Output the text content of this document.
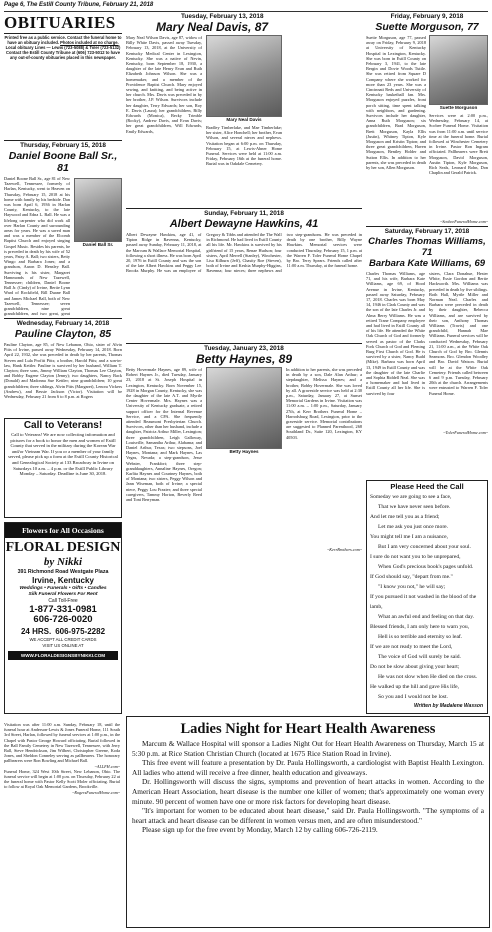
Page 6, The Estill County Tribune, February 21, 2018
OBITUARIES
Printed free as a public service. Contact the funeral home to have an obituary included. Photos included at no charge. Local obituary Lines — Lewis (723-5088) & Toler (723-5132) Contact the Estill County Tribune at (606) 723-5012 to have any out-of-county obituaries placed in this newspaper.
Thursday, February 15, 2018
Daniel Boone Ball Sr., 81
Daniel Ball Sr.
Daniel Boone Ball Sr., age 81 of New Tazewell, Tennessee, formerly of Harlan, Kentucky, went to Heaven on Thursday, February 15, 2018 at his home with family by his bedside. Dan was born April 6, 1936 in Harlan County, Kentucky, to the late Haywood and Edna L. Ball. He was a lifelong carpenter who did work all over Harlan County and surrounding areas for years. He was a saved man and was a member of the Elcomb Baptist Church and enjoyed singing Gospel Music. Besides his parents, he is preceded in death by his wife of 52 years, Patsy A. Ball; two sisters, Betty Wingo and Barbara Jones; and a grandson, Aaron D. Hensley Ball. Surviving is his sister, Margaret Hammonds of New Tazewell, Tennessee; children, Daniel Boone Ball Jr. (Cindy) of Irvine, Bertie Lynn Ward of Rockfield, Bill Duane Ball and James Michael Ball, both of New Tazewell, Tennessee; seven grandchildren, nine great grandchildren, and two great, great
Wednesday, February 14, 2018
Pauline Clayton, 85
Pauline Clayton, age 85, of New Lebanon, Ohio, sister of Alvin Pitts of Irvine, passed away Wednesday, February 14, 2018. Born April 22, 1932, she was preceded in death by her parents, Thomas Steven and Lula Profitt Pitts; a brother, Harold Pitts; and a son-in-law, Hank Kettler. Pauline is survived by her husband, William T. Clayton; three sons, Jimmy William Clayton, Thomas Lee Clayton, and Bobby Eugene Clayton (Jenny); two daughters, Nancy Back (Donald) and Madonna Sue Kettler; nine grandchildren; 10 great grandchildren; three siblings, Alvin Pitts (Margaret), Lenora Vickers (Andrew), and Bessie Jackson (Victor). Visitation will be Wednesday, February 21 from 6 to 8 p.m. at Rogers
Call to Veterans!
Call to Veterans! We are now collecting information and pictures for a book to honor the men and women of Estill County that served in the military during the Korean War and/or Vietnam War. If you or a member of your family served, please pick up a form at the Estill County Historical and Genealogical Society at 133 Broadway in Irvine on Saturdays 10 a.m. – 4 p.m. or the Estill Public Library Monday – Saturday. Deadline is June 30, 2018.
Flowers for All Occasions
FLORAL DESIGN
by Nikki
391 Richmond Road Westgate Plaza
Irvine, Kentucky
Weddings • Funerals • Gifts • Candles
Silk Funeral Flowers For Rent
Call Toll-Free
1-877-331-0981
606-726-0020
24 HRS. 606-975-2282
WE ACCEPT ALL CREDIT CARDS
VISIT US ONLINE AT
WWW.FLORALDESIGNSBYNIKKI.COM
Tuesday, February 13, 2018
Mary Neal Davis, 87
Mary Neal Wilson Davis, age 87, widow of Billy White Davis, passed away Tuesday, February 13, 2018, at the University of Kentucky Medical Center in Lexington, Kentucky. She was a native of Nevin, Kentucky, born September 18, 1930, a daughter of the late Henry Evan and Ruth Elizabeth Johnson Wilson. She was a homemaker, and a member of the Providence Baptist Church. Mary enjoyed sewing, and knitting, and being active in her church. Mrs. Davis was preceded in by her brother, J.P. Wilson. Survivors include her daughter, Terry Edwards; her son, Roy E. Davis (Laura); her grandchildren, Billy Edwards (Monica), Becky Trimble (Rocky), Andrew Davis, and Evan Davis; her great grandchildren, Will Edwards, Emily Edwards,
Mary Neal Davis
Bradley Timberlake, and Mae Timberlake; her sister, Alice Honchell; her brother, Evan Wilson, and several nieces and nephews. Visitation began at 6:00 p.m. on Thursday, February 15, at Lewis-Abner Home Funeral. Services were held at 11:00 a.m. Friday, February 16th at the funeral home. Burial was in Oakdale Cemetery.
Sunday, February 11, 2018
Albert Dewayne Hawkins, 41
Albert Dewayne Hawkins, age 41, of Tipton Ridge in Ravenna, Kentucky, passed away Sunday, February 11, 2018, at the Marcum & Wallace Memorial Hospital, following a short illness. He was born April 20, 1976 in Estill County and was the son of the late Albert Hawkins and Peggy Lee Brooks Murphy. He was an employee of Gregory & Tibbs and attended the The Wall in Richmond. He had lived in Estill County all his life. Mr. Hawkins is survived by his girlfriend of 15 years, Renae Hudson; four sisters, April Merrell (Stanley), Winchester, Lisa Kilburn (Jeff), Chasity Roe (Steven), both of Irvine and Keshia Murphy-Higgins, Ravenna; four nieces; three nephews and two step-grandsons. He was preceded in death by one brother, Billy Wayne Hawkins. Memorial services were conducted Thursday, February 15, 1 p.m. at the Warren F. Toler Funeral Home Chapel by Bro. Terry Spears. Friends called after 11:00 a.m. Thursday, at the funeral home.
Tuesday, January 23, 2018
Betty Haynes, 89
Betty Hovermale Haynes, age 89, wife of Robert Haynes Jr., died Tuesday, January 23, 2018 at St. Joseph Hospital in Lexington, Kentucky. Born November 15, 1928 in Morgan County, Kentucky, she was the daughter of the late A.T. and Myrtle Center Hovermale. Mrs. Haynes was a University of Kentucky graduate, a retired support officer for the Internal Revenue Service, and a CPA. She frequently attended Beaumont Presbyterian Church. Survivors, other than her husband, include a daughter, Patricia Arthur Miller, Lexington; three grandchildren, Leigh Galloway, Louisville, Samantha Arthur, Alabama; and Daniel Arthur, Texas; two stepsons, Joel Haynes, Montana; and Mark Haynes, Las Vegas, Nevada; a step-grandson, Jesse Webster, Frankfort; three step-granddaughters, Annaline Haynes, Oregon; Karlita Haynes and Courtney Haynes, both of Montana; two sisters, Peggy Wilson and Jann Wiseman, both of Irvine; a special niece, Peggy Lou Frazier; and three special caregivers, Tammy Horton, Beverly Reed and Toni Berryman.
Betty Haynes
In addition to her parents, she was preceded in death by a son, Dale Alan Arthur; a stepdaughter, Melissa Haynes; and a brother, Bobby Hovermale. She was loved by all. A graveside service was held at 2:30 p.m., Saturday, January 27, at Sunset Memorial Gardens in Irvine. Visitation was 11:00 a.m. – 1:00 p.m., Saturday, January 27th, at Kerr Brothers Funeral Home – Harrodsburg Road, Lexington, prior to the graveside service. Memorial contributions are suggested to Planned Parenthood, 268 Southland Dr., Suite 120, Lexington, KY 40503.
~KerrBrothers.com~
Friday, February 9, 2018
Suette Morguson, 77
Suette Morguson, age 77, passed away on Friday, February 9, 2018 at University of Kentucky Hospital in Lexington, Kentucky. She was born in Estill County on February 3, 1941, to the late Bergin and Dovie Woods Tuttle. She was retired from Square D Company where she worked for more than 23 years. She was a Cincinnati Reds and University of Kentucky basketball fan. Mrs. Morguson enjoyed puzzles, front porch sitting, time spent talking with neighbors, and gardening. Survivors include her daughter, Anna Ruth Morguson; six grandchildren, Brad Morguson, Brett Morguson, Kayla Ellis (Justin), Whitney Tipton, Kyle Morguson and Kristin Tipton; and three great grandchildren, Haven Morguson, Bentley Holder and Sutton Ellis. In addition to her parents, she was preceded in death by her son, Allen Morguson.
Suette Morguson
Services were at 2:00 p.m., Wednesday, February 14, at Scobee Funeral Home. Visitation was from 11:00 a.m. until service time at the funeral home. Burial followed at Winchester Cemetery in Irvine. Pastor Ron Ingram officiated. Pallbearers were Brett Morguson, David Morguson, Austin Tipton, Kyle Morguson, Rich Seals, Leonard Bohn, Don Chaplin and Gerald Patrick.
~ScobeeFuneralHome.com~
Saturday, February 17, 2018
Charles Thomas Williams, 71
Barbara Kate Williams, 69
Charles Thomas Williams, age 71, and his wife, Barbara Kate Williams, age 69, of Hood Avenue in Irvine, Kentucky, passed away Saturday, February 17, 2018. Charles was born May 14, 1946 in Clark County and was the son of the late Charles Jr. and Alma Berry Williams. He was a retired Trane Company employee and had lived in Estill County all of his life. He attended the White Oak Church of God and formerly served as pastor of the Clarks Fork Church of God and Fleming Burg First Church of God. He is survived by a sister, Nancy Budd (Mike). Barbara was born April 13, 1949 in Estill County and was the daughter of the late Charlie and Sophia Riddell Neal. She was a homemaker and had lived in Estill County all her life. She is survived by four
sisters, Clara Donahue, Hester White, Essie Gordon and Bertie Hackworth. Mrs. Williams was preceded in death by five siblings. Both Hall, Myrtle Miller and Norman Neal. Charles and Barbara were preceded in death by their daughter, Rebecca Williams, and are survived by their son, Anthony Thomas Williams (Travis) and one grandchild, Hannah Mae Williams. Funeral services will be conducted Wednesday, February 21, 11:00 a.m., at the White Oak Church of God by Bro. Glennis Seamons. Bro. Glendon Woodley and Bro. David Watson. Burial will be at the White Oak Cemetery. Friends called between 6 and 9 p.m. Tuesday, February 20th at the church. Arrangements were entrusted to Warren F. Toler Funeral Home.
~TolerFuneralHome.com~
Please Heed the Call
Someday we are going to see a face,
That we have never seen before.
And let me tell you as a friend;
Let me ask you just once more.
You might tell me I am a nuisance,
But I am very concerned about your soul.
I sure do not want you to be unprepared,
When God's precious book's pages unfold.
If God should say, "depart from me."
"I know you not," he will say;
If you pursued it not washed in the blood of the lamb,
What an awful end and feeling on that day.
Blessed friends, I am only here to warn you,
Hell is so terrible and eternity so leaf.
If we are not ready to meet the Lord,
The voice of God will surely be said.
Do not be slow about giving your heart;
He was not slow when He died on the cross.
He walked up the hill and gave His life,
So you and I would not be lost.
Written by Madalene Wasson
Ladies Night for Heart Health Awareness

Marcum & Wallace Hospital will sponsor a Ladies Night Out for Heart Health Awareness on Thursday, March 15 at 5:30 p.m. at Rice Station Christian Church (located at 1675 Rice Station Road in Irvine).

This free event will feature a presentation by Dr. Paula Hollingsworth, a cardiologist with Baptist Health Lexington. All ladies who attend will receive a free dinner, health education and giveaways.

Dr. Hollingsworth will discuss the signs, symptoms and prevention of heart attacks in women. According to the American Heart Association, heart disease is the number one killer of women; that's approximately one woman every minute. 90 percent of women have one or more risk factors for developing heart disease.

"It's important for women to be educated about heart disease," said Dr. Paula Hollingsworth. "The symptoms of a heart attack and heart disease can be different in women versus men, and are often misunderstood."

Please sign up for the free event by Monday, March 12 by calling 606-726-2119.

Visitation was after 11:00 a.m. Sunday, February 18, until the funeral hour at Anderson-Lewis & Jones Funeral Home, 111 South 3rd Street, Harlan, followed by funeral services at 1:00 p.m., in the Chapel with Pastor George Howard officiating. Burial followed in the Ball Family Cemetery in New Tazewell, Tennessee, with Jerry Ball, Steve Hendrickson, Jim Wilbert, Christopher Greene, Koda Jones, and Sheldon Conneley serving as pallbearers. The honorary pallbearers were Ron Bowling and Michael Ball.
~ALLFH.com~
Funeral Home, 324 West 10th Street, New Lebanon, Ohio. The funeral service will begin at 1:00 p.m. on Thursday, February 22 at the funeral home with Pastor Kelly Scott Moler officiating. Burial to follow at Royal Oak Memorial Gardens, Brookville.
~RogersFuneralHome.com~
